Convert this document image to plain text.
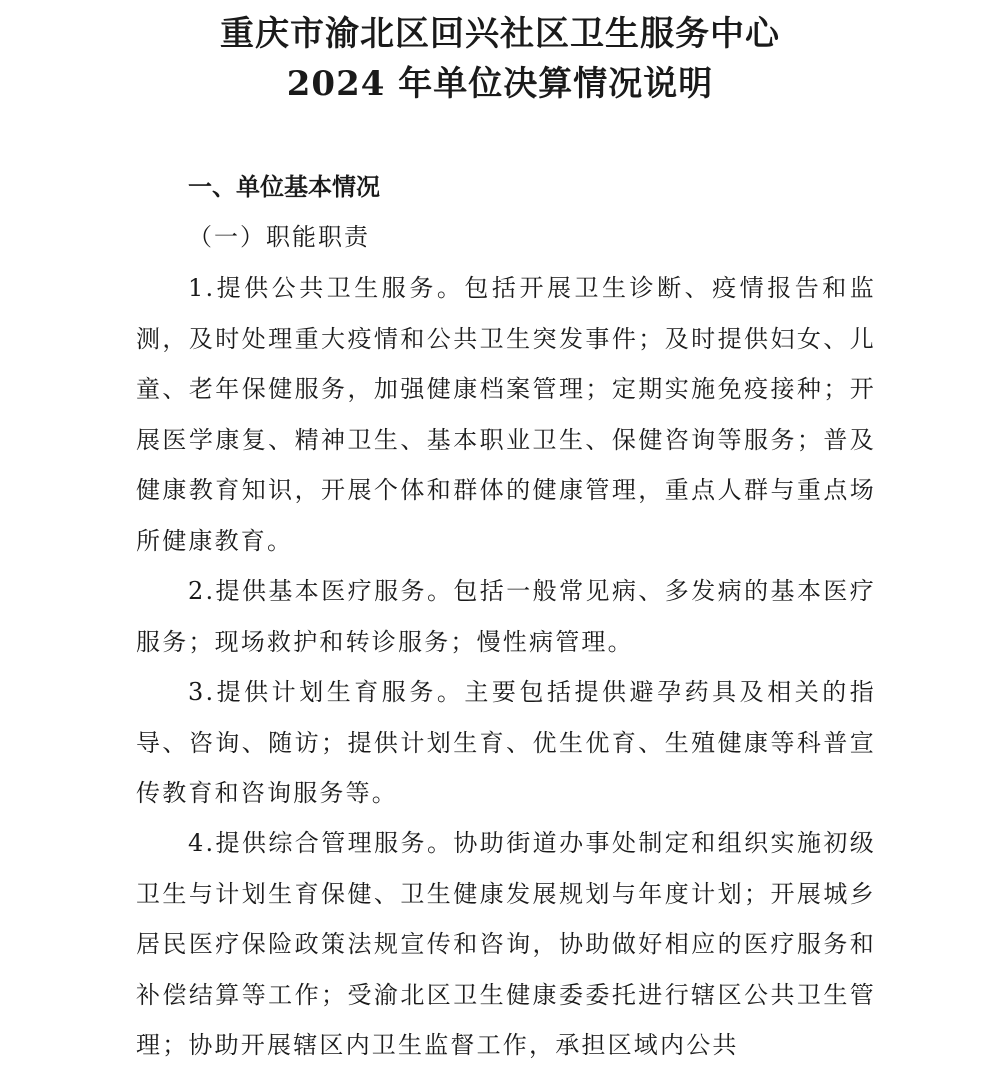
重庆市渝北区回兴社区卫生服务中心
2024 年单位决算情况说明
一、单位基本情况
（一）职能职责

1.提供公共卫生服务。包括开展卫生诊断、疫情报告和监测，及时处理重大疫情和公共卫生突发事件；及时提供妇女、儿童、老年保健服务，加强健康档案管理；定期实施免疫接种；开展医学康复、精神卫生、基本职业卫生、保健咨询等服务；普及健康教育知识，开展个体和群体的健康管理，重点人群与重点场所健康教育。

2.提供基本医疗服务。包括一般常见病、多发病的基本医疗服务；现场救护和转诊服务；慢性病管理。

3.提供计划生育服务。主要包括提供避孕药具及相关的指导、咨询、随访；提供计划生育、优生优育、生殖健康等科普宣传教育和咨询服务等。

4.提供综合管理服务。协助街道办事处制定和组织实施初级卫生与计划生育保健、卫生健康发展规划与年度计划；开展城乡居民医疗保险政策法规宣传和咨询，协助做好相应的医疗服务和补偿结算等工作；受渝北区卫生健康委委托进行辖区公共卫生管理；协助开展辖区内卫生监督工作，承担区域内公共
